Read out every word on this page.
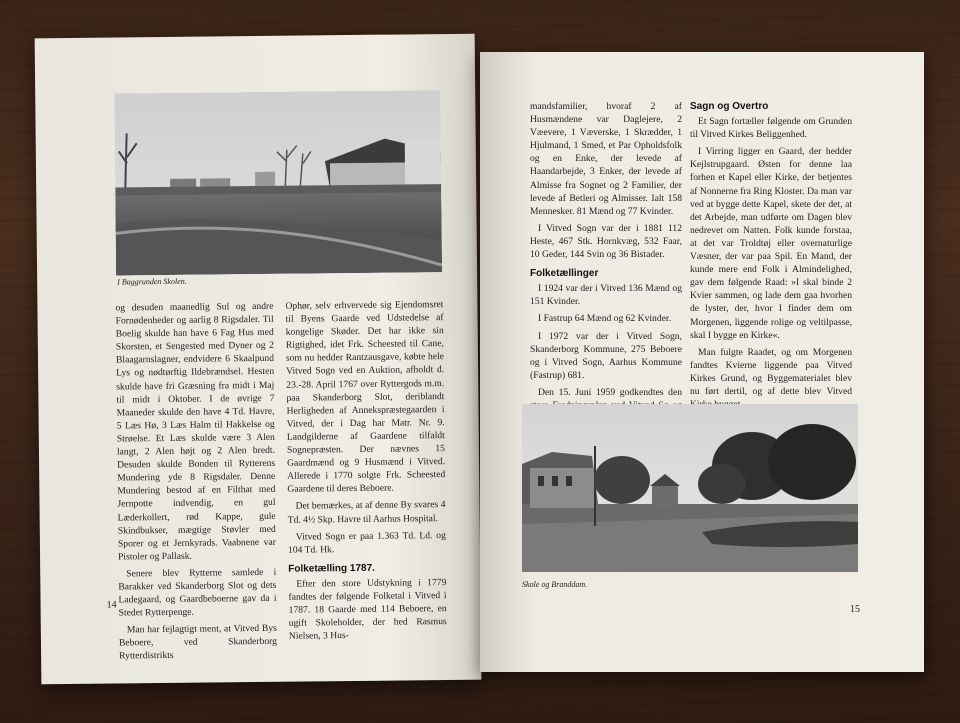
I Baggrunden Skolen.

og desuden maanedlig Sul og andre Fornødenheder og aarlig 8 Rigsdaler. Til Boelig skulde han have 6 Fag Hus med Skorsten, et Sengested med Dyner og 2 Blaagarnslagner, endvidere 6 Skaalpund Lys og nødtørftig Ildebrændsel. Hesten skulde have fri Græsning fra midt i Maj til midt i Oktober. I de øvrige 7 Maaneder skulde den have 4 Td. Havre, 5 Læs Hø, 3 Læs Halm til Hakkelse og Strøelse. Et Læs skulde være 3 Alen langt, 2 Alen højt og 2 Alen bredt. Desuden skulde Bonden til Rytterens Mundering yde 8 Rigsdaler. Denne Mundering bestod af en Filthat med Jernpotte indvendig, en gul Læderkollert, rød Kappe, gule Skindbukser, mægtige Støvler med Sporer og et Jernkyrads. Vaabnene var Pistoler og Pallask.

Senere blev Rytterne samlede i Barakker ved Skanderborg Slot og dets Ladegaard, og Gaardbeboerne gav da i Stedet Rytterpenge.

Man har fejlagtigt ment, at Vitved Bys Beboere, ved Skanderborg Rytterdistrikts

Ophør, selv erhvervede sig Ejendomsret til Byens Gaarde ved Udstedelse af kongelige Skøder. Det har ikke sin Rigtighed, idet Frk. Scheested til Cane, som nu hedder Rantzausgave, købte hele Vitved Sogn ved en Auktion, afholdt d. 23.-28. April 1767 over Ryttergods m.m. paa Skanderborg Slot, deriblandt Herligheden af Annekspræstegaarden i Vitved, der i Dag har Matr. Nr. 9. Landgilderne af Gaardene tilfaldt Sognepræsten. Der nævnes 15 Gaardmænd og 9 Husmænd i Vitved. Allerede i 1770 solgte Frk. Scheested Gaardene til deres Beboere.

Det bemærkes, at af denne By svares 4 Td. 4½ Skp. Havre til Aarhus Hospital.

Vitved Sogn er paa 1.363 Td. Ld. og 104 Td. Hk.

Folketælling 1787.

Efter den store Udstykning i 1779 fandtes der følgende Folketal i Vitved i 1787. 18 Gaarde med 114 Beboere, en ugift Skoleholder, der hed Rasmus Nielsen, 3 Hus-

14

mandsfamilier, hvoraf 2 af Husmændene var Daglejere, 2 Væevere, 1 Væverske, 1 Skrædder, 1 Hjulmand, 1 Smed, et Par Opholdsfolk og en Enke, der levede af Haandarbejde, 3 Enker, der levede af Almisse fra Sognet og 2 Familier, der levede af Betleri og Almisser. Ialt 158 Mennesker. 81 Mænd og 77 Kvinder.

I Vitved Sogn var der i 1881 112 Heste, 467 Stk. Hornkvæg, 532 Faar, 10 Geder, 144 Svin og 36 Bistader.

Folketællinger

I 1924 var der i Vitved 136 Mænd og 151 Kvinder.

I Fastrup 64 Mænd og 62 Kvinder.

I 1972 var der i Vitved Sogn, Skanderborg Kommune, 275 Beboere og i Vitved Sogn, Aarhus Kommune (Fastrup) 681.

Den 15. Juni 1959 godkendtes den

Sagn og Overtro

Et Sagn fortæller følgende om Grunden til Vitved Kirkes Beliggenhed.

I Virring ligger en Gaard, der hedder Kejlstrupgaard. Østen for denne laa forhen et Kapel eller Kirke, der betjentes af Nonnerne fra Ring Kloster. Da man var ved at bygge dette Kapel, skete der det, at det Arbejde, man udførte om Dagen blev nedrevet om Natten. Folk kunde forstaa, at det var Troldtøj eller overnaturlige Væsner, der var paa Spil. En Mand, der kunde mere end Folk i Almindelighed, gav dem følgende Raad: »I skal binde 2 Kvier sammen, og lade dem gaa hvorhen de lyster, der, hvor I finder dem om Morgenen, liggende rolige og veltilpasse, skal I bygge en Kirke«.

Man fulgte Raadet, og om Morgenen fandtes Kvierne liggende paa Vitved Kirkes Grund, og Byggematerialet blev nu ført dertil, og af dette blev Vitved

Skole og Branddam.
15
